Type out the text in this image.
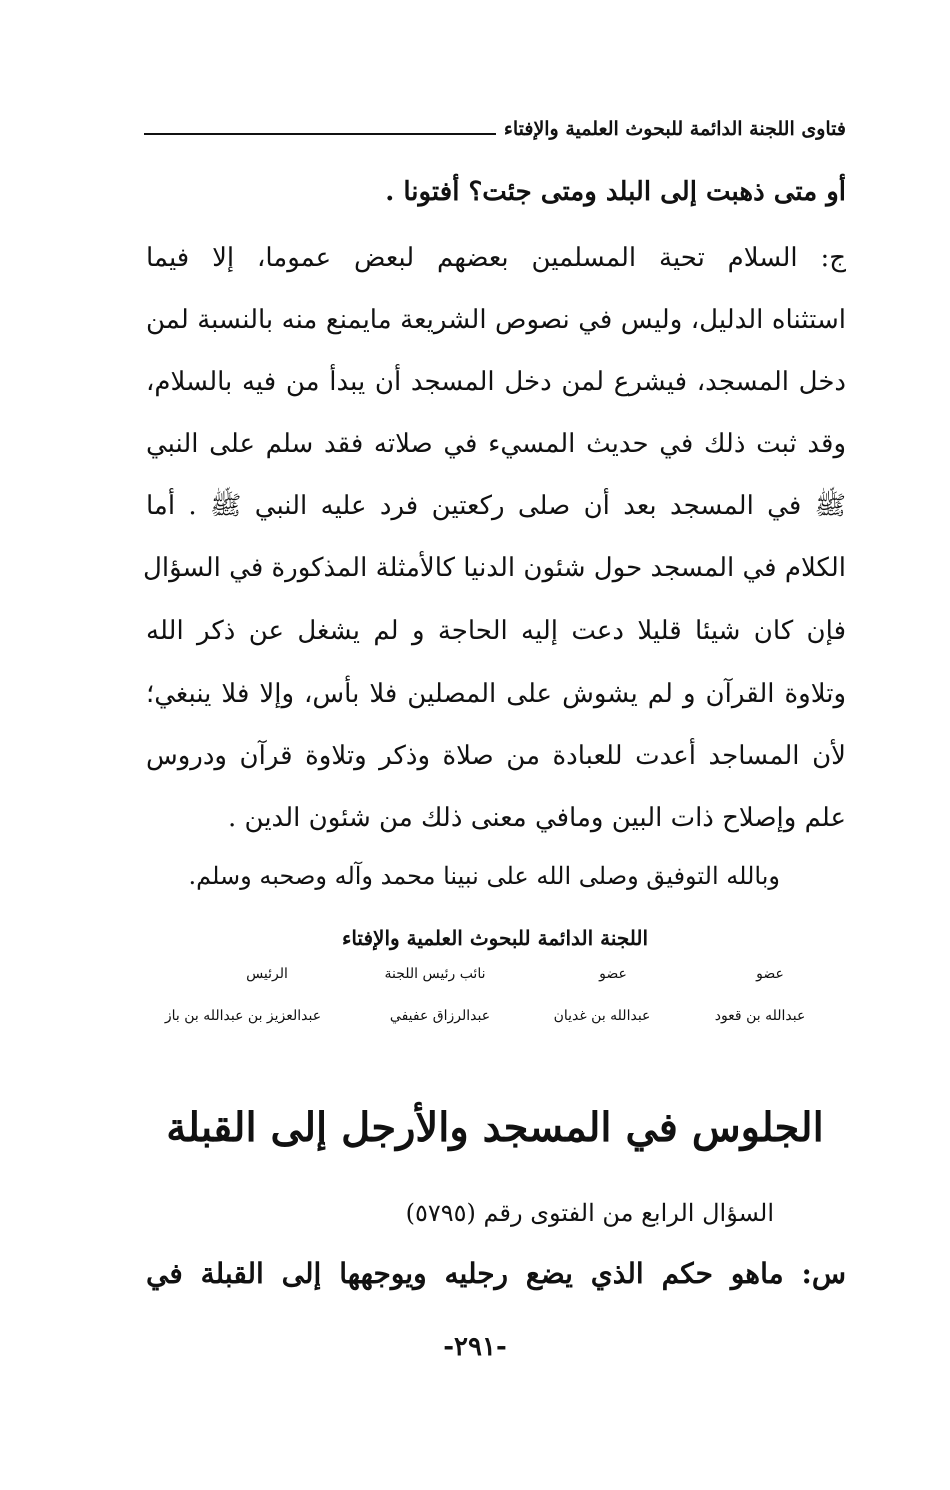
فتاوى اللجنة الدائمة للبحوث العلمية والإفتاء
أو متى ذهبت إلى البلد ومتى جئت؟ أفتونا .
ج: السلام تحية المسلمين بعضهم لبعض عموما، إلا فيما
استثناه الدليل، وليس في نصوص الشريعة مايمنع منه بالنسبة لمن
دخل المسجد، فيشرع لمن دخل المسجد أن يبدأ من فيه بالسلام،
وقد ثبت ذلك في حديث المسيء في صلاته فقد سلم على النبي
ﷺ في المسجد بعد أن صلى ركعتين فرد عليه النبي ﷺ . أما
الكلام في المسجد حول شئون الدنيا كالأمثلة المذكورة في السؤال
فإن كان شيئا قليلا دعت إليه الحاجة و لم يشغل عن ذكر الله
وتلاوة القرآن و لم يشوش على المصلين فلا بأس، وإلا فلا ينبغي؛
لأن المساجد أعدت للعبادة من صلاة وذكر وتلاوة قرآن ودروس
علم وإصلاح ذات البين ومافي معنى ذلك من شئون الدين .
وبالله التوفيق وصلى الله على نبينا محمد وآله وصحبه وسلم.
اللجنة الدائمة للبحوث العلمية والإفتاء
عضو
عضو
نائب رئيس اللجنة
الرئيس
عبدالله بن قعود
عبدالله بن غديان
عبدالرزاق عفيفي
عبدالعزيز بن عبدالله بن باز
الجلوس في المسجد والأرجل إلى القبلة
السؤال الرابع من الفتوى رقم (٥٧٩٥)
س: ماهو حكم الذي يضع رجليه ويوجهها إلى القبلة في
-٢٩١-
